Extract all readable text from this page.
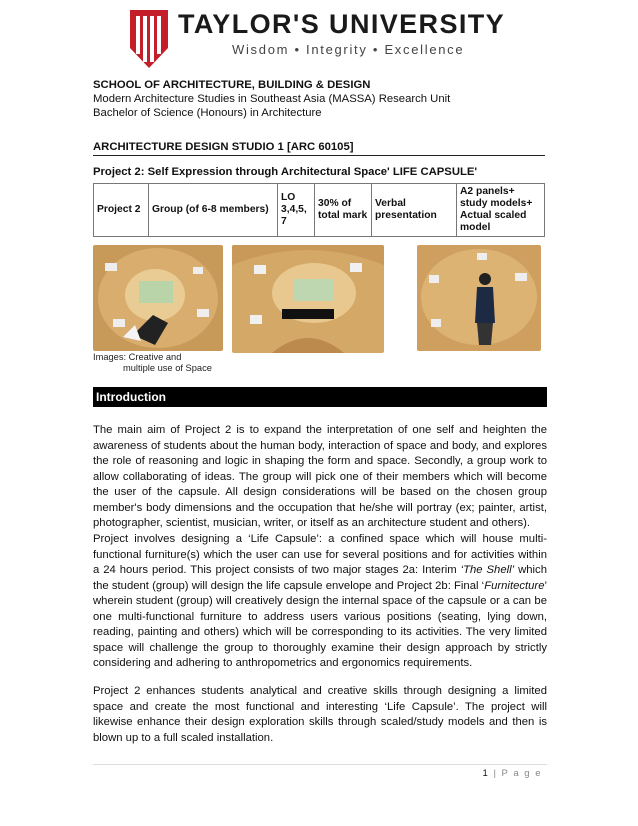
TAYLOR'S UNIVERSITY
Wisdom • Integrity • Excellence
SCHOOL OF ARCHITECTURE, BUILDING & DESIGN
Modern Architecture Studies in Southeast Asia (MASSA) Research Unit
Bachelor of Science (Honours) in Architecture
ARCHITECTURE DESIGN STUDIO 1 [ARC 60105]
Project 2: Self Expression through Architectural Space' LIFE CAPSULE'
Project 2	Group (of 6-8 members)	LO 3,4,5, 7	30% of total mark	Verbal presentation	A2 panels+ study models+ Actual scaled model
Images: Creative and
multiple use of Space
Introduction
The main aim of Project 2 is to expand the interpretation of one self and heighten the awareness of students about the human body, interaction of space and body, and explores the role of reasoning and logic in shaping the form and space. Secondly, a group work to allow collaborating of ideas. The group will pick one of their members which will become the user of the capsule. All design considerations will be based on the chosen group member's body dimensions and the occupation that he/she will portray (ex; painter, artist, photographer, scientist, musician, writer, or itself as an architecture student and others).
Project involves designing a ‘Life Capsule’: a confined space which will house multi-functional furniture(s) which the user can use for several positions and for activities within a 24 hours period. This project consists of two major stages 2a: Interim ‘The Shell’ which the student (group) will design the life capsule envelope and Project 2b: Final ‘Furnitecture’ wherein student (group) will creatively design the internal space of the capsule or a can be one multi-functional furniture to address users various positions (seating, lying down, reading, painting and others) which will be corresponding to its activities. The very limited space will challenge the group to thoroughly examine their design approach by strictly considering and adhering to anthropometrics and ergonomics requirements.
Project 2 enhances students analytical and creative skills through designing a limited space and create the most functional and interesting ‘Life Capsule’. The project will likewise enhance their design exploration skills through scaled/study models and then is blown up to a full scaled installation.
1 | P a g e
